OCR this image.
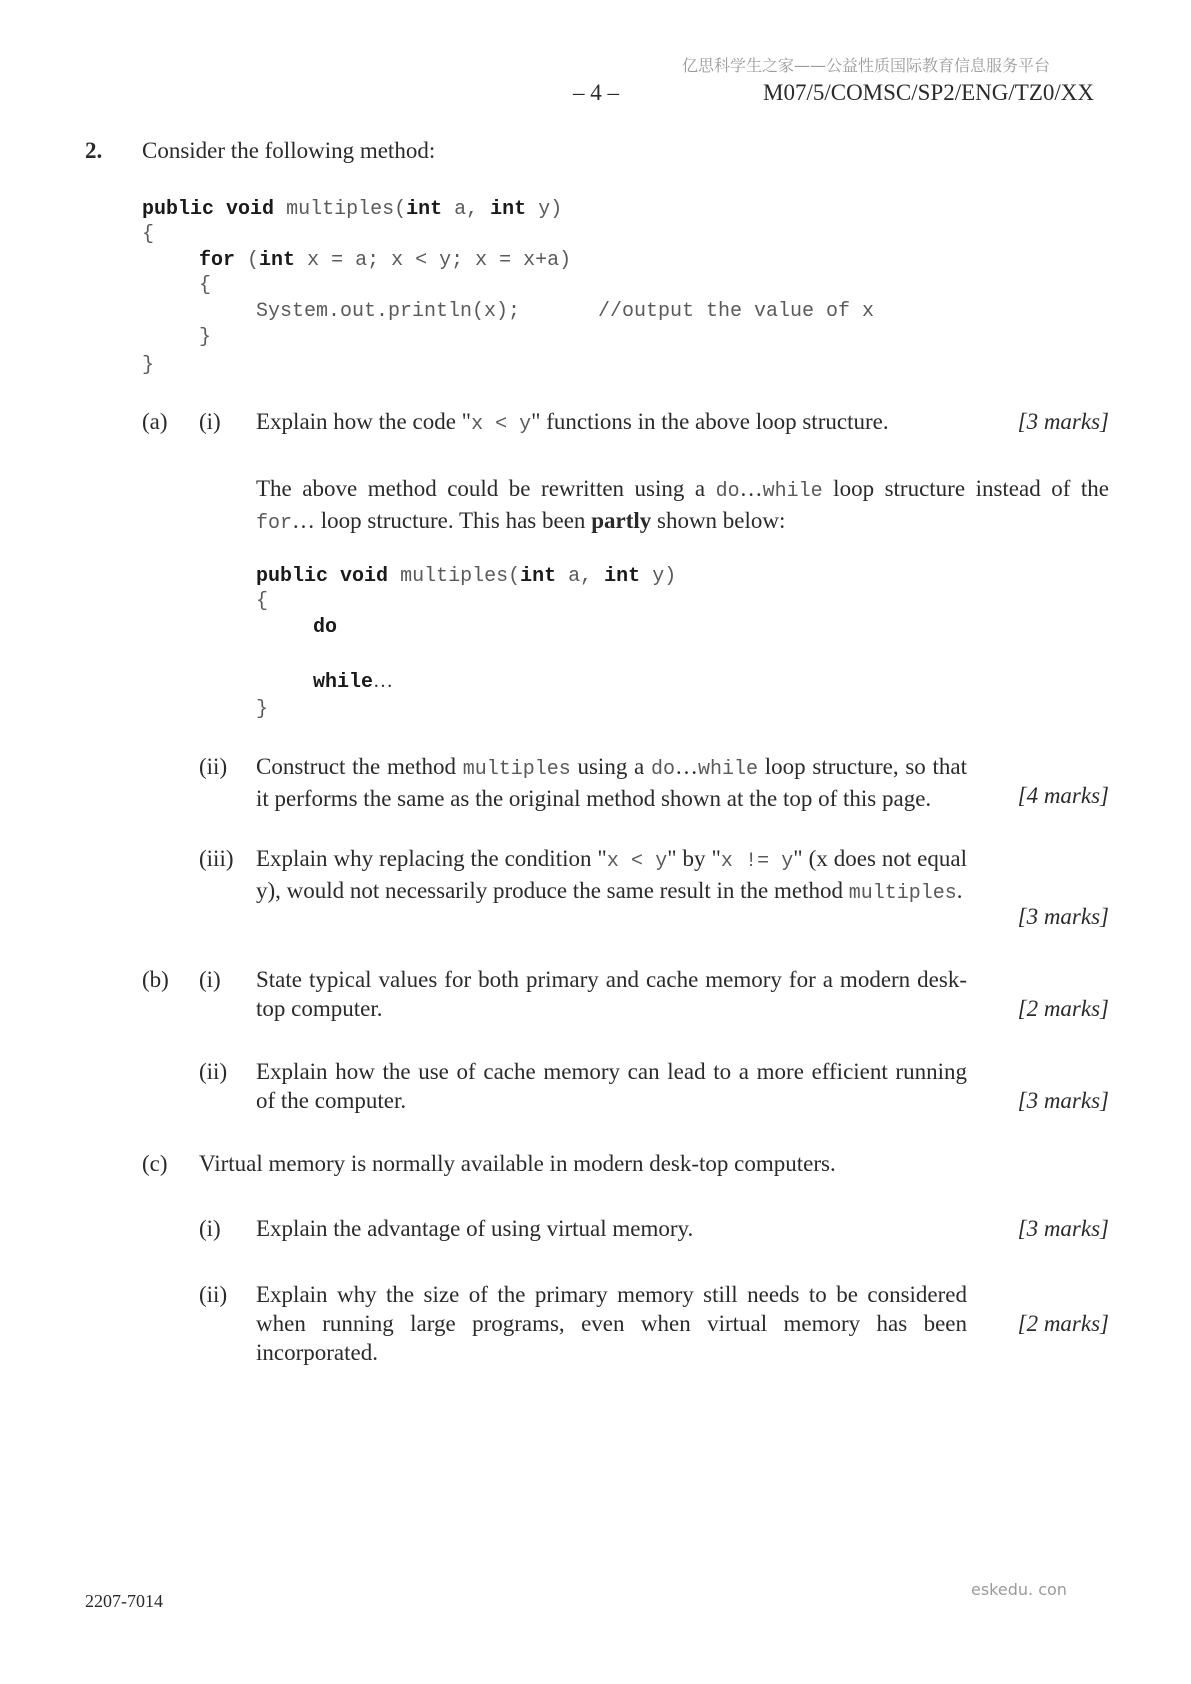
亿思科学生之家——公益性质国际教育信息服务平台
– 4 –	M07/5/COMSC/SP2/ENG/TZ0/XX
2. Consider the following method:
public void multiples(int a, int y)
{
for (int x = a; x < y; x = x+a)
{
System.out.println(x);	//output the value of x
}
}
(a) (i) Explain how the code "x < y" functions in the above loop structure.	[3 marks]
The above method could be rewritten using a do…while loop structure instead of the for… loop structure. This has been partly shown below:
public void multiples(int a, int y)
{
do
while…
}
(ii) Construct the method multiples using a do…while loop structure, so that it performs the same as the original method shown at the top of this page.	[4 marks]
(iii) Explain why replacing the condition "x < y" by "x != y" (x does not equal y), would not necessarily produce the same result in the method multiples.
[3 marks]
(b) (i) State typical values for both primary and cache memory for a modern desk-top computer.	[2 marks]
(ii) Explain how the use of cache memory can lead to a more efficient running of the computer.	[3 marks]
(c) Virtual memory is normally available in modern desk-top computers.
(i) Explain the advantage of using virtual memory.	[3 marks]
(ii) Explain why the size of the primary memory still needs to be considered when running large programs, even when virtual memory has been incorporated.
[2 marks]
2207-7014
eskedu. con
